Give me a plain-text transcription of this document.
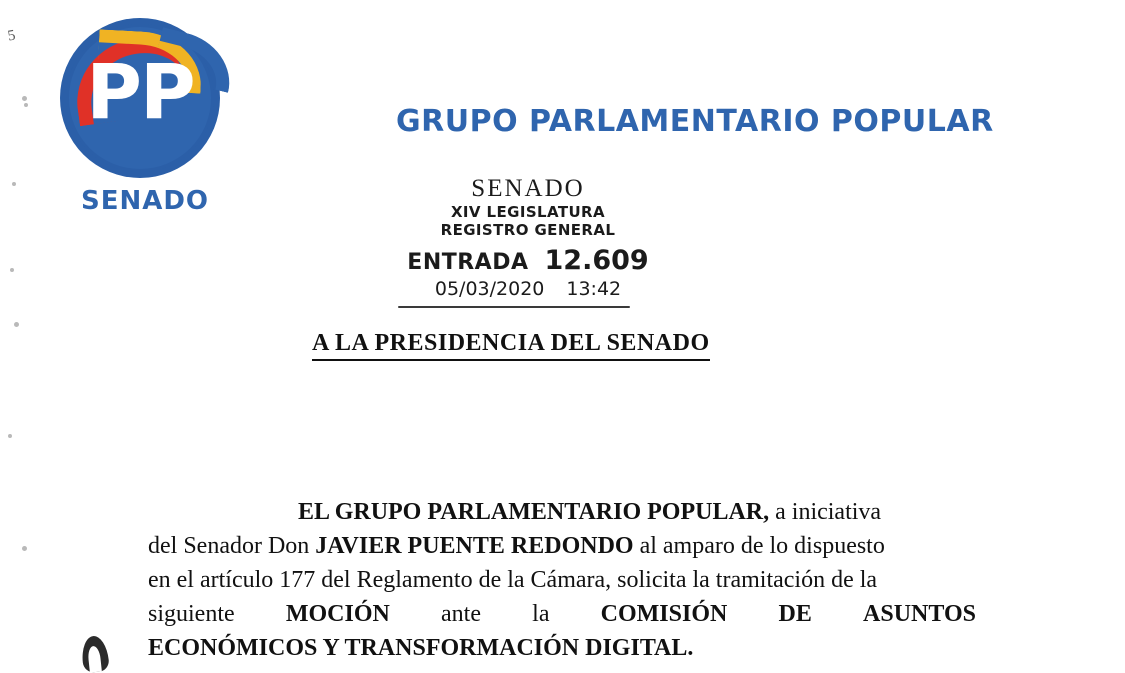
5
PP
SENADO
GRUPO PARLAMENTARIO POPULAR
SENADO
XIV LEGISLATURA
REGISTRO GENERAL
ENTRADA 12.609
05/03/2020 13:42
A LA PRESIDENCIA DEL SENADO
EL GRUPO PARLAMENTARIO POPULAR, a iniciativa
del Senador Don JAVIER PUENTE REDONDO al amparo de lo dispuesto
en el artículo 177 del Reglamento de la Cámara, solicita la tramitación de la
siguiente MOCIÓN ante la COMISIÓN DE ASUNTOS
ECONÓMICOS Y TRANSFORMACIÓN DIGITAL.
